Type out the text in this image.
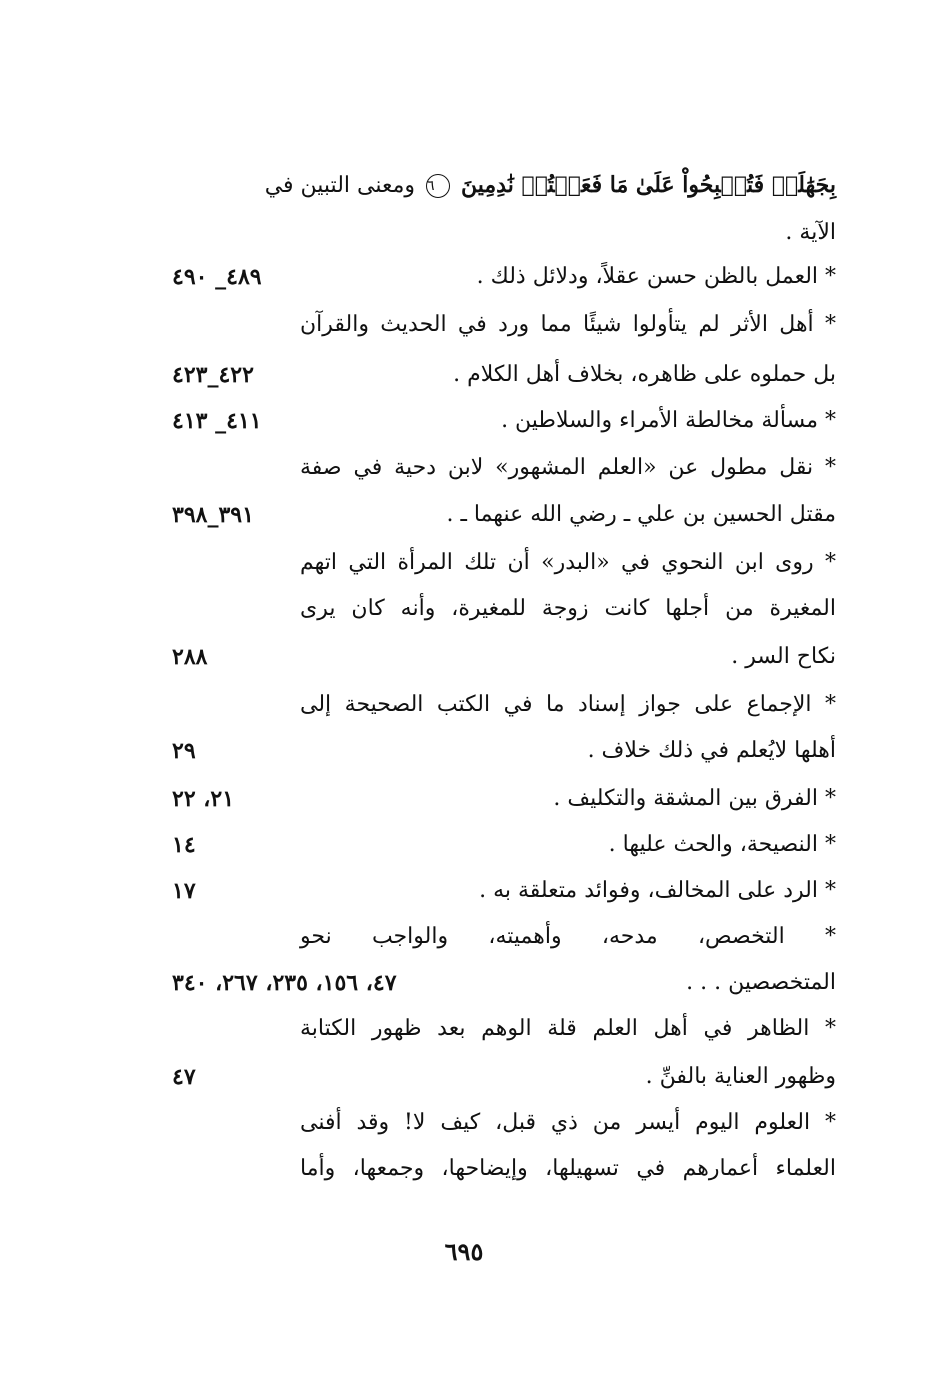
بِجَهَٰلَةٖ فَتُصۡبِحُواْ عَلَىٰ مَا فَعَلۡتُمۡ نَٰدِمِينَ ٦ ومعنى التبين في
الآية .
* العمل بالظن حسن عقلاً، ودلائل ذلك .
٤٨٩_ ٤٩٠
* أهل الأثر لم يتأولوا شيئًا مما ورد في الحديث والقرآن
بل حملوه على ظاهره، بخلاف أهل الكلام .
٤٢٢_٤٢٣
* مسألة مخالطة الأمراء والسلاطين .
٤١١_ ٤١٣
* نقل مطول عن «العلم المشهور» لابن دحية في صفة
مقتل الحسين بن علي ـ رضي الله عنهما ـ .
٣٩١_٣٩٨
* روى ابن النحوي في «البدر» أن تلك المرأة التي اتهم
المغيرة من أجلها كانت زوجة للمغيرة، وأنه كان يرى
نكاح السر .
٢٨٨
* الإجماع على جواز إسناد ما في الكتب الصحيحة إلى
أهلها لايُعلم في ذلك خلاف .
٢٩
* الفرق بين المشقة والتكليف .
٢١، ٢٢
* النصيحة، والحث عليها .
١٤
* الرد على المخالف، وفوائد متعلقة به .
١٧
* التخصص، مدحه، وأهميته، والواجب نحو
المتخصصين . . .
٤٧، ١٥٦، ٢٣٥، ٢٦٧، ٣٤٠
* الظاهر في أهل العلم قلة الوهم بعد ظهور الكتابة
وظهور العناية بالفنِّ .
٤٧
* العلوم اليوم أيسر من ذي قبل، كيف لا! وقد أفنى
العلماء أعمارهم في تسهيلها، وإيضاحها، وجمعها، وأما
٦٩٥
